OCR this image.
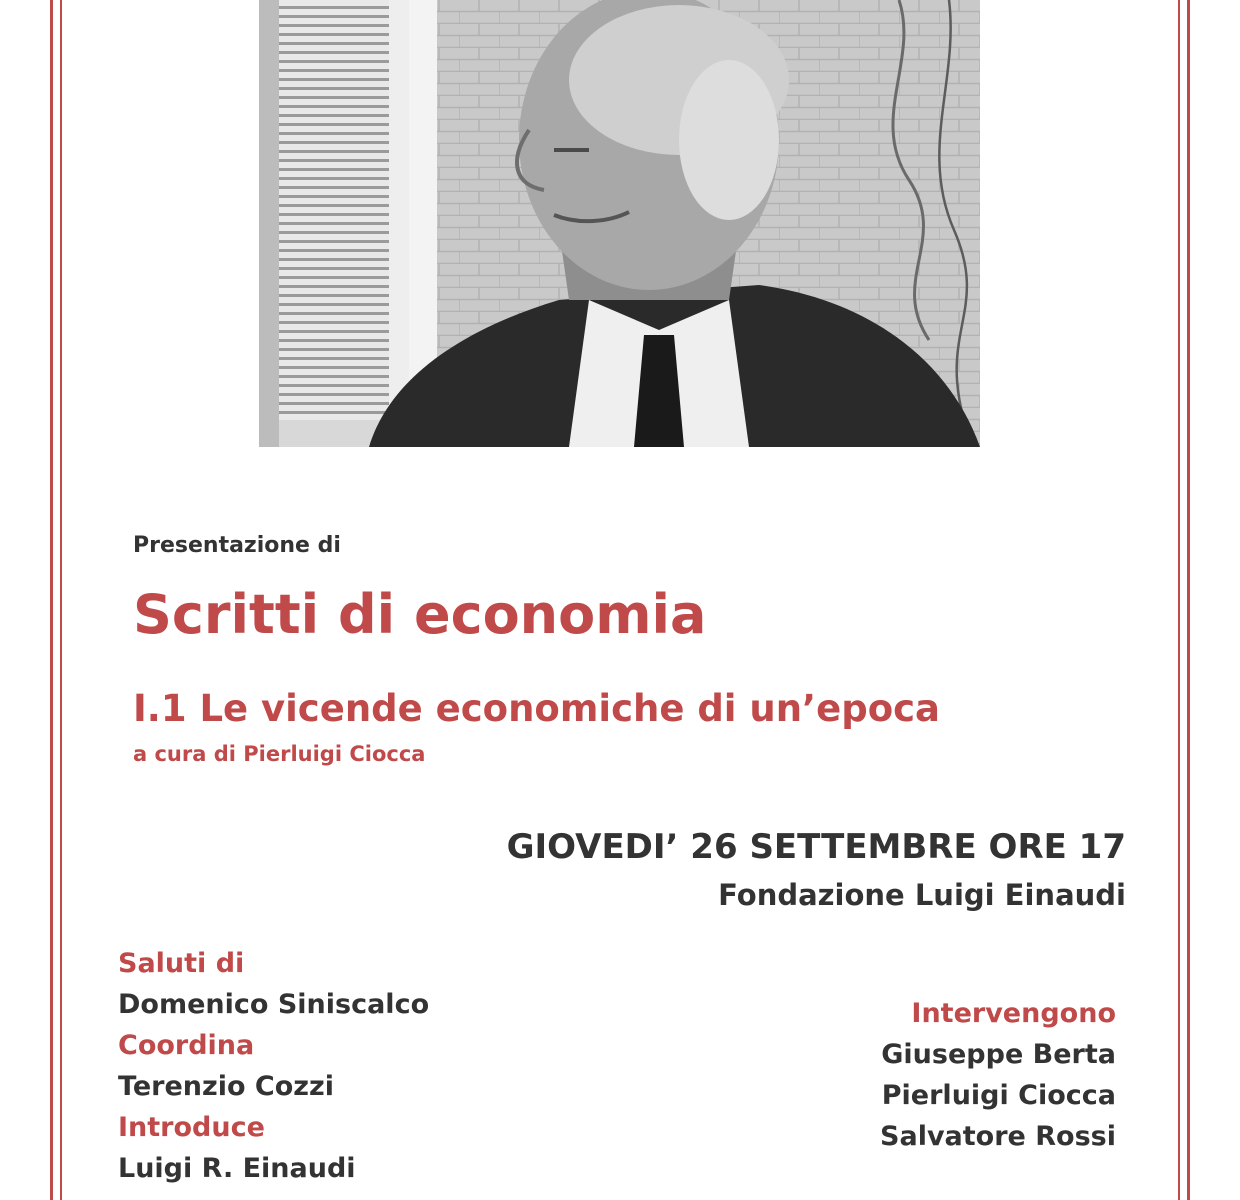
Presentazione di
Scritti di economia
I.1 Le vicende economiche di un’epoca
a cura di Pierluigi Ciocca
GIOVEDI’ 26 SETTEMBRE ORE 17
Fondazione Luigi Einaudi
Saluti di
Domenico Siniscalco
Coordina
Terenzio Cozzi
Introduce
Luigi R. Einaudi
Intervengono
Giuseppe Berta
Pierluigi Ciocca
Salvatore Rossi
